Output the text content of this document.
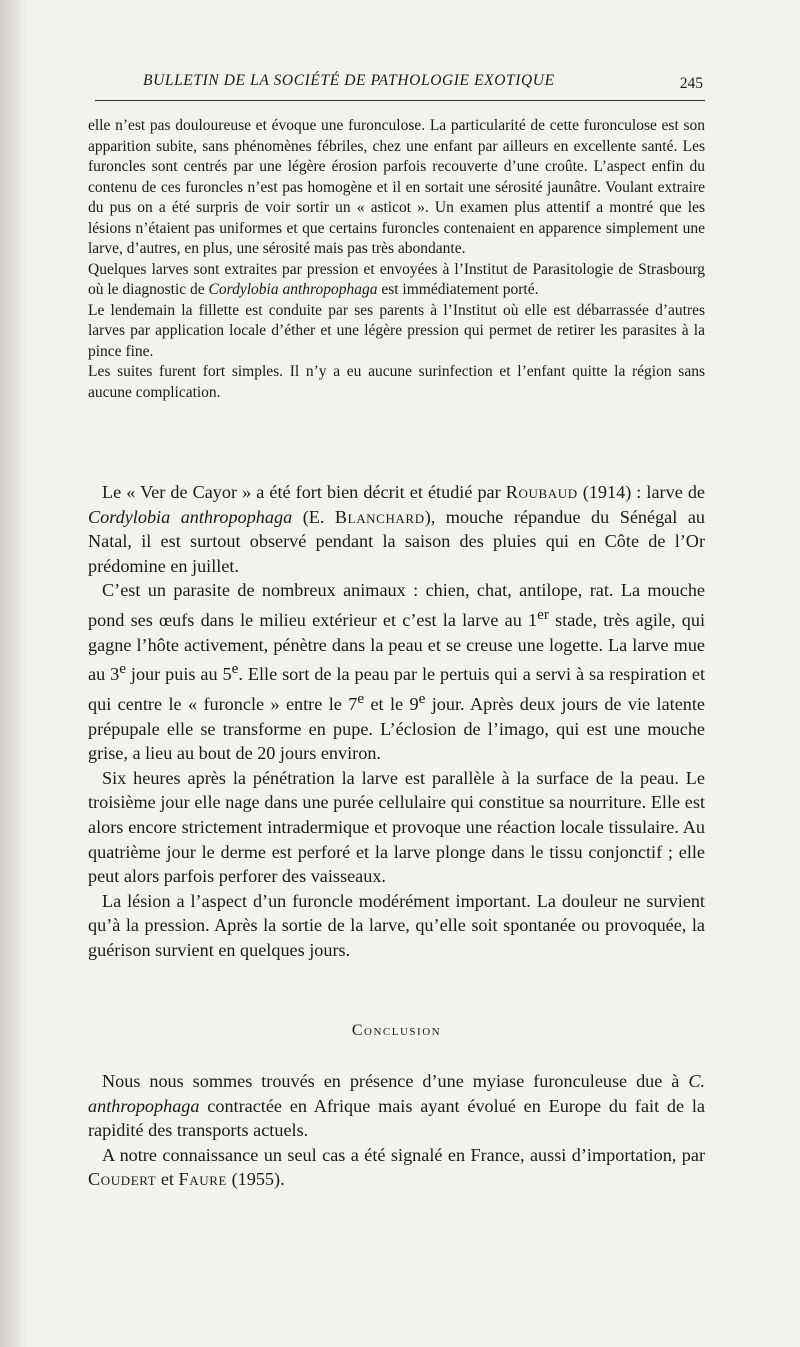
BULLETIN DE LA SOCIÉTÉ DE PATHOLOGIE EXOTIQUE	245

elle n’est pas douloureuse et évoque une furonculose. La particularité de cette furonculose est son apparition subite, sans phénomènes fébriles, chez une enfant par ailleurs en excellente santé. Les furoncles sont centrés par une légère érosion parfois recouverte d’une croûte. L’aspect enfin du contenu de ces furoncles n’est pas homogène et il en sortait une sérosité jaunâtre. Voulant extraire du pus on a été surpris de voir sortir un « asticot ». Un examen plus attentif a montré que les lésions n’étaient pas uniformes et que certains furoncles contenaient en apparence simplement une larve, d’autres, en plus, une sérosité mais pas très abondante.

Quelques larves sont extraites par pression et envoyées à l’Institut de Parasitologie de Strasbourg où le diagnostic de Cordylobia anthropophaga est immédiatement porté.

Le lendemain la fillette est conduite par ses parents à l’Institut où elle est débarrassée d’autres larves par application locale d’éther et une légère pression qui permet de retirer les parasites à la pince fine.

Les suites furent fort simples. Il n’y a eu aucune surinfection et l’enfant quitte la région sans aucune complication.

Le « Ver de Cayor » a été fort bien décrit et étudié par Roubaud (1914) : larve de Cordylobia anthropophaga (E. Blanchard), mouche répandue du Sénégal au Natal, il est surtout observé pendant la saison des pluies qui en Côte de l’Or prédomine en juillet.

C’est un parasite de nombreux animaux : chien, chat, antilope, rat. La mouche pond ses œufs dans le milieu extérieur et c’est la larve au 1er stade, très agile, qui gagne l’hôte activement, pénètre dans la peau et se creuse une logette. La larve mue au 3e jour puis au 5e. Elle sort de la peau par le pertuis qui a servi à sa respiration et qui centre le « furoncle » entre le 7e et le 9e jour. Après deux jours de vie latente prépupale elle se transforme en pupe. L’éclosion de l’imago, qui est une mouche grise, a lieu au bout de 20 jours environ.

Six heures après la pénétration la larve est parallèle à la surface de la peau. Le troisième jour elle nage dans une purée cellulaire qui constitue sa nourriture. Elle est alors encore strictement intradermique et provoque une réaction locale tissulaire. Au quatrième jour le derme est perforé et la larve plonge dans le tissu conjonctif ; elle peut alors parfois perforer des vaisseaux.

La lésion a l’aspect d’un furoncle modérément important. La douleur ne survient qu’à la pression. Après la sortie de la larve, qu’elle soit spontanée ou provoquée, la guérison survient en quelques jours.

Conclusion

Nous nous sommes trouvés en présence d’une myiase furonculeuse due à C. anthropophaga contractée en Afrique mais ayant évolué en Europe du fait de la rapidité des transports actuels.

A notre connaissance un seul cas a été signalé en France, aussi d’importation, par Coudert et Faure (1955).
